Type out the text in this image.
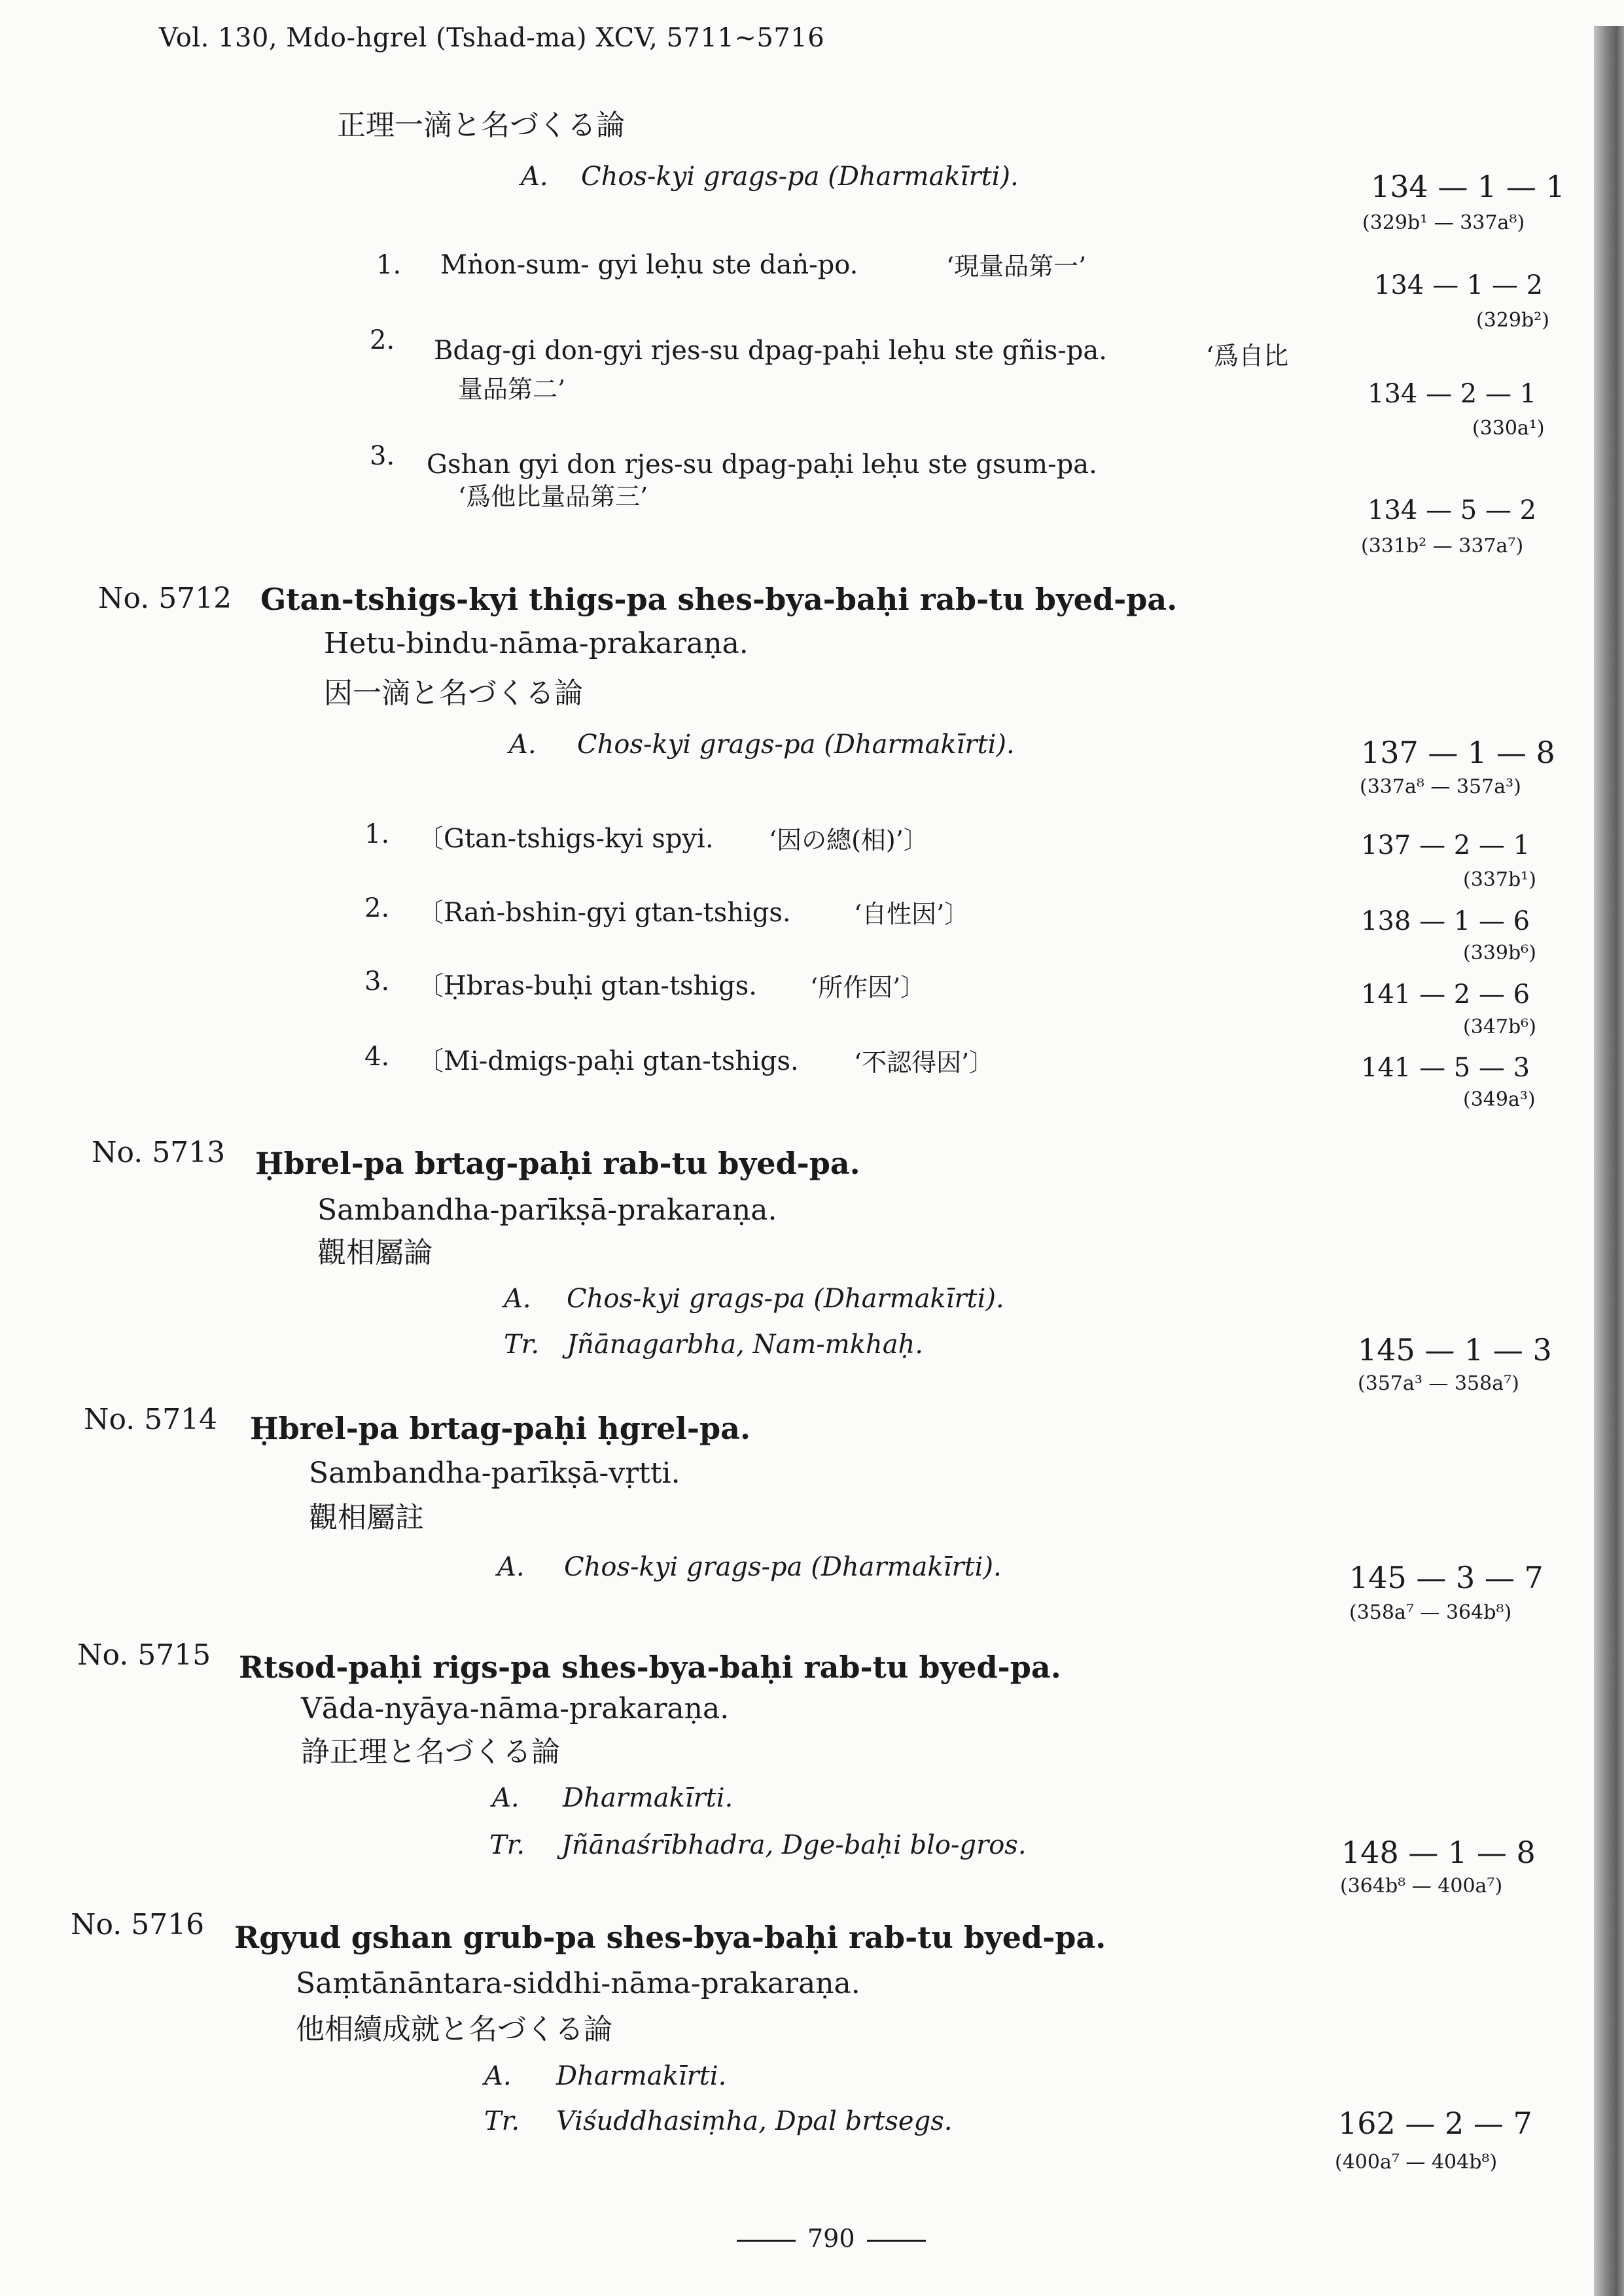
Vol. 130, Mdo-hgrel (Tshad-ma) XCV, 5711~5716
正理一滴と名づくる論
A. Chos-kyi grags-pa (Dharmakīrti).	134 — 1 — 1
(329b¹ — 337a⁸)
1. Mṅon-sum- gyi leḥu ste daṅ-po.	‘現量品第一’
134 — 1 — 2
(329b²)
2. Bdag-gi don-gyi rjes-su dpag-paḥi leḥu ste gñis-pa.	‘爲自比
量品第二’	134 — 2 — 1
(330a¹)
3. Gshan gyi don rjes-su dpag-paḥi leḥu ste gsum-pa.
‘爲他比量品第三’	134 — 5 — 2
(331b² — 337a⁷)
No. 5712 Gtan-tshigs-kyi thigs-pa shes-bya-baḥi rab-tu byed-pa.
Hetu-bindu-nāma-prakaraṇa.
因一滴と名づくる論
A. Chos-kyi grags-pa (Dharmakīrti).	137 — 1 — 8
(337a⁸ — 357a³)
1. 〔Gtan-tshigs-kyi spyi. ‘因の總(相)’〕	137 — 2 — 1
(337b¹)
2. 〔Raṅ-bshin-gyi gtan-tshigs.	‘自性因’〕	138 — 1 — 6
(339b⁶)
3. 〔Ḥbras-buḥi gtan-tshigs. ‘所作因’〕	141 — 2 — 6
(347b⁶)
4. 〔Mi-dmigs-paḥi gtan-tshigs. ‘不認得因’〕	141 — 5 — 3
(349a³)
No. 5713 Ḥbrel-pa brtag-paḥi rab-tu byed-pa.
Sambandha-parīkṣā-prakaraṇa.
觀相屬論
A. Chos-kyi grags-pa (Dharmakīrti).
Tr. Jñānagarbha, Nam-mkhaḥ.	145 — 1 — 3
(357a³ — 358a⁷)
No. 5714 Ḥbrel-pa brtag-paḥi ḥgrel-pa.
Sambandha-parīkṣā-vṛtti.
觀相屬註
A. Chos-kyi grags-pa (Dharmakīrti).	145 — 3 — 7
(358a⁷ — 364b⁸)
No. 5715 Rtsod-paḥi rigs-pa shes-bya-baḥi rab-tu byed-pa.
Vāda-nyāya-nāma-prakaraṇa.
諍正理と名づくる論
A. Dharmakīrti.
Tr. Jñānaśrībhadra, Dge-baḥi blo-gros.	148 — 1 — 8
(364b⁸ — 400a⁷)
No. 5716 Rgyud gshan grub-pa shes-bya-baḥi rab-tu byed-pa.
Saṃtānāntara-siddhi-nāma-prakaraṇa.
他相續成就と名づくる論
A. Dharmakīrti.
Tr. Viśuddhasiṃha, Dpal brtsegs.	162 — 2 — 7
(400a⁷ — 404b⁸)
790
